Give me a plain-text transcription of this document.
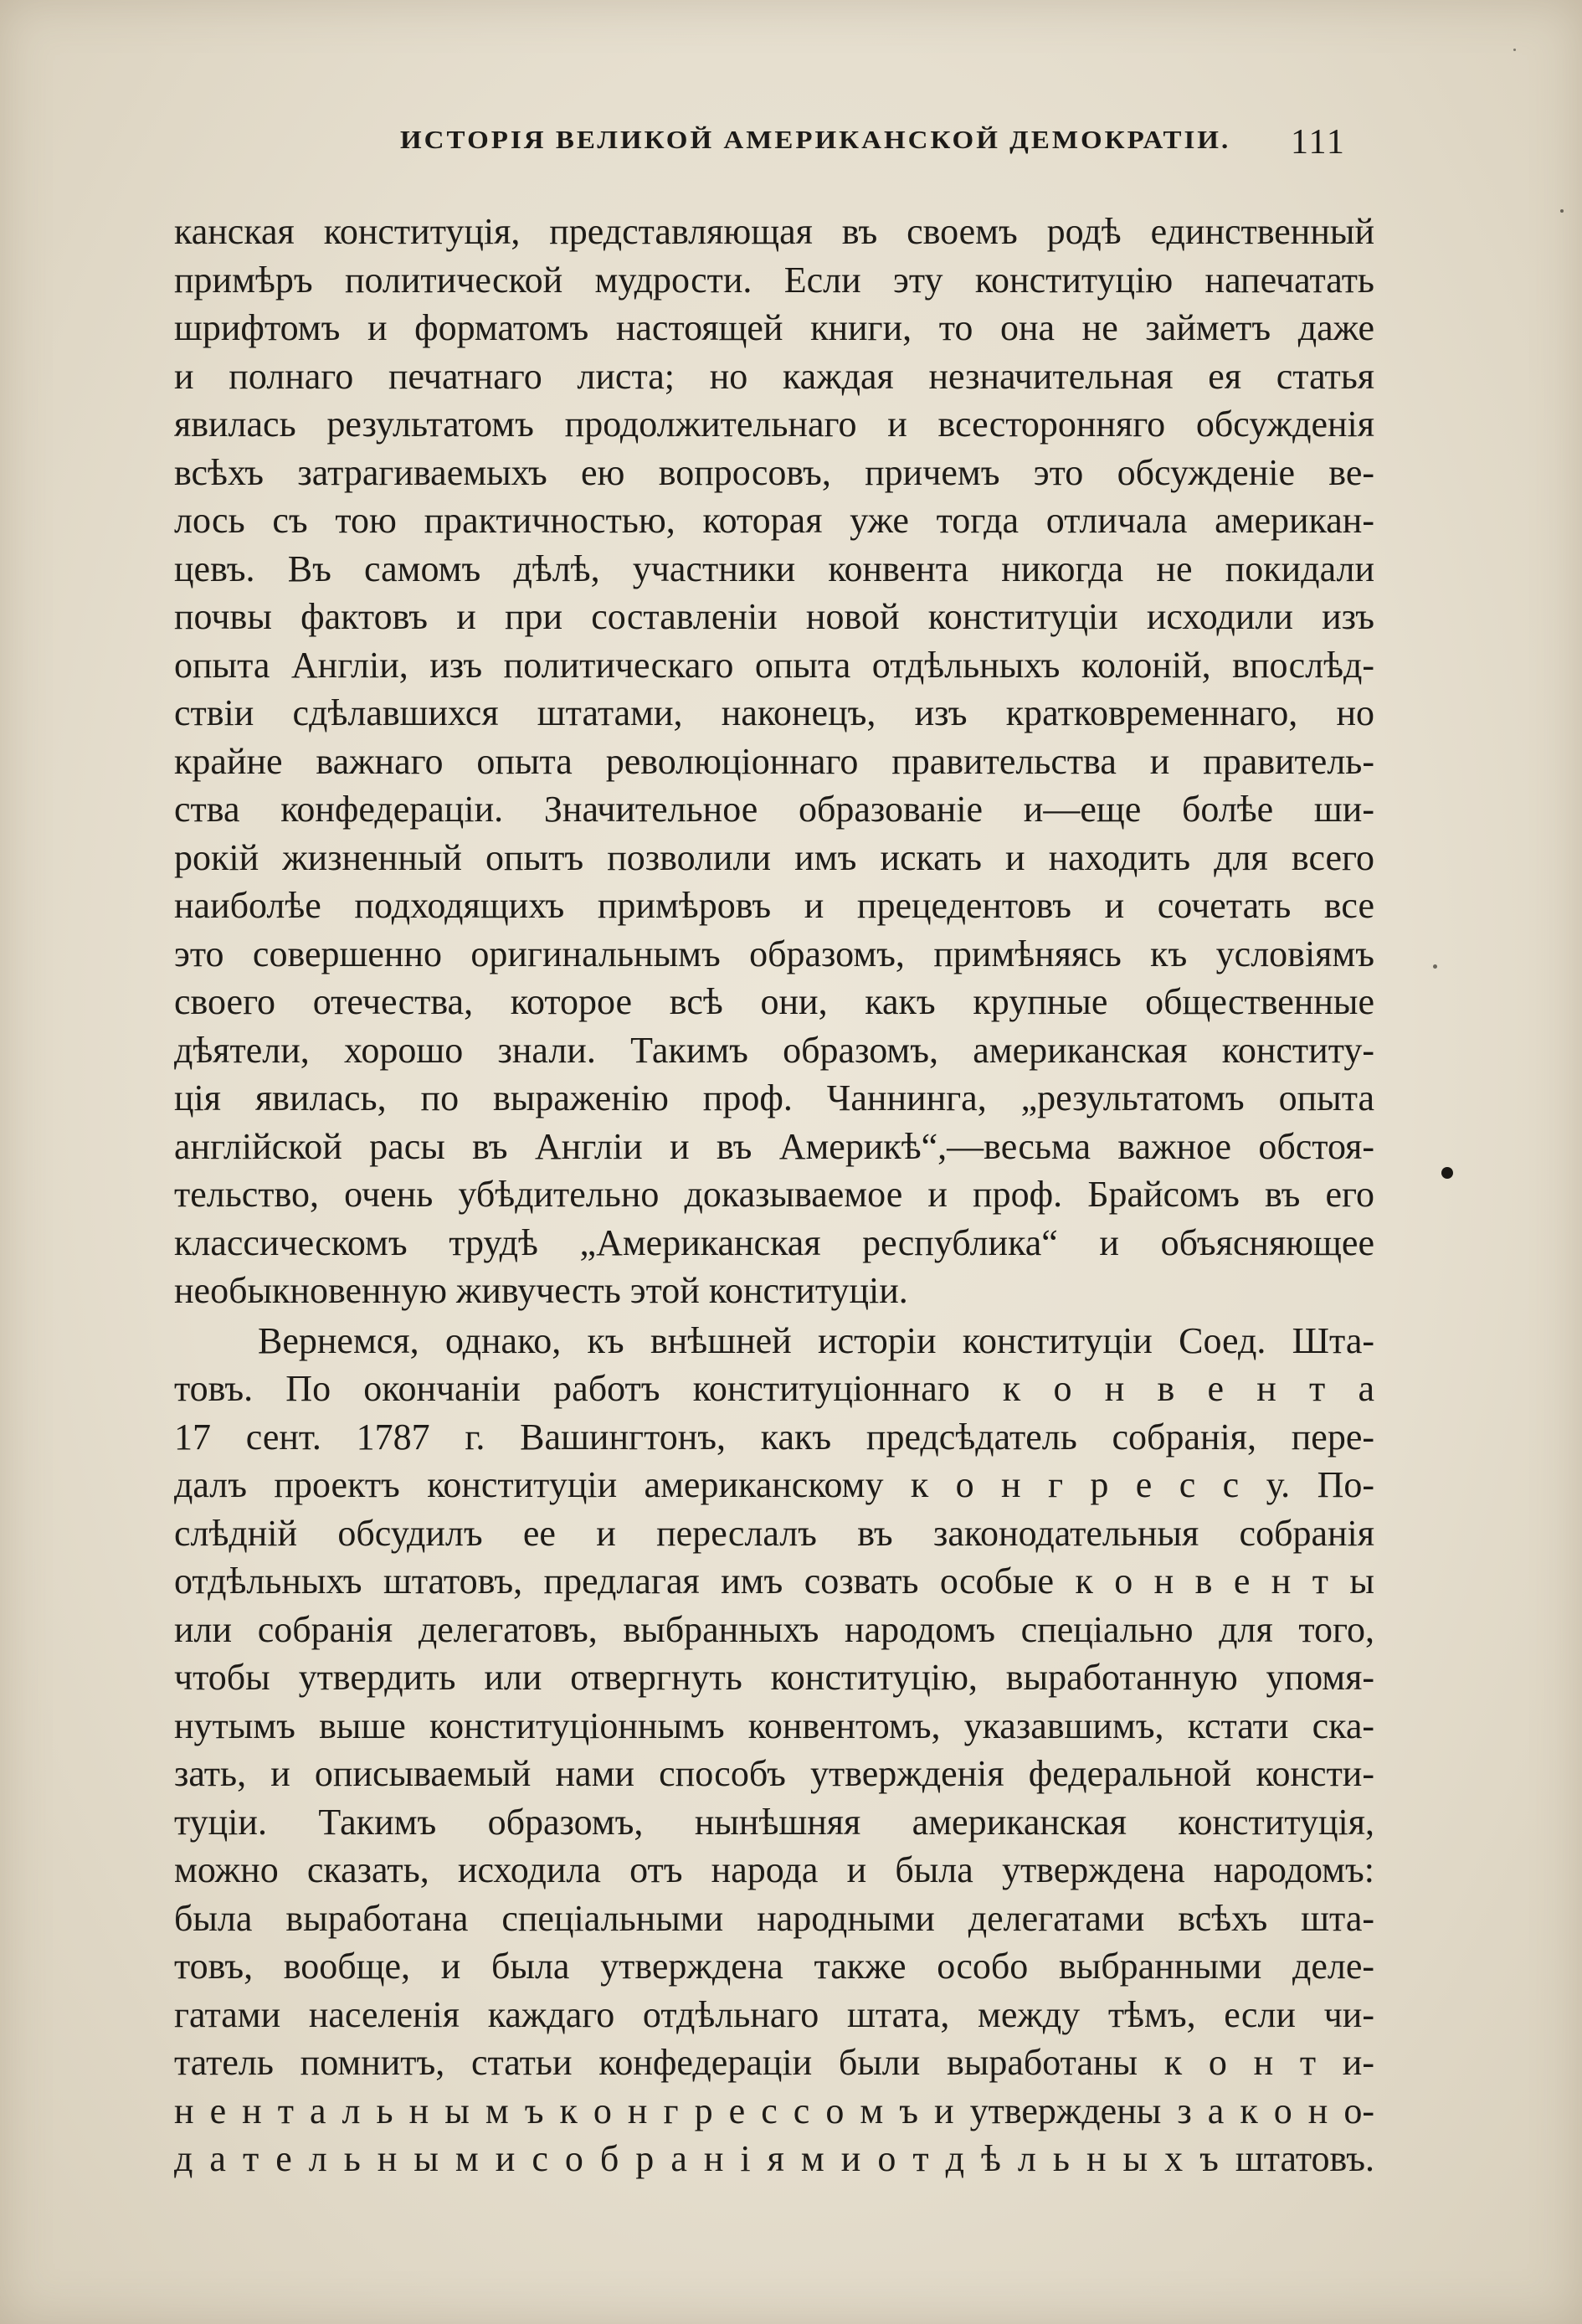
ИСТОРІЯ ВЕЛИКОЙ АМЕРИКАНСКОЙ ДЕМОКРАТІИ. 111
канская конституція, представляющая въ своемъ родѣ единственный
примѣръ политической мудрости. Если эту конституцію напечатать
шрифтомъ и форматомъ настоящей книги, то она не займетъ даже
и полнаго печатнаго листа; но каждая незначительная ея статья
явилась результатомъ продолжительнаго и всесторонняго обсужденія
всѣхъ затрагиваемыхъ ею вопросовъ, причемъ это обсужденіе ве-
лось съ тою практичностью, которая уже тогда отличала американ-
цевъ. Въ самомъ дѣлѣ, участники конвента никогда не покидали
почвы фактовъ и при составленіи новой конституціи исходили изъ
опыта Англіи, изъ политическаго опыта отдѣльныхъ колоній, впослѣд-
ствіи сдѣлавшихся штатами, наконецъ, изъ кратковременнаго, но
крайне важнаго опыта революціоннаго правительства и правитель-
ства конфедераціи. Значительное образованіе и—еще болѣе ши-
рокій жизненный опытъ позволили имъ искать и находить для всего
наиболѣе подходящихъ примѣровъ и прецедентовъ и сочетать все
это совершенно оригинальнымъ образомъ, примѣняясь къ условіямъ
своего отечества, которое всѣ они, какъ крупные общественные
дѣятели, хорошо знали. Такимъ образомъ, американская конститу-
ція явилась, по выраженію проф. Чаннинга, „результатомъ опыта
англійской расы въ Англіи и въ Америкѣ“,—весьма важное обстоя-
тельство, очень убѣдительно доказываемое и проф. Брайсомъ въ его
классическомъ трудѣ „Американская республика“ и объясняющее
необыкновенную живучесть этой конституціи.
Вернемся, однако, къ внѣшней исторіи конституціи Соед. Шта-
товъ. По окончаніи работъ конституціоннаго к о н в е н т а
17 сент. 1787 г. Вашингтонъ, какъ предсѣдатель собранія, пере-
далъ проектъ конституціи американскому к о н г р е с с у. По-
слѣдній обсудилъ ее и переслалъ въ законодательныя собранія
отдѣльныхъ штатовъ, предлагая имъ созвать особые к о н в е н т ы
или собранія делегатовъ, выбранныхъ народомъ спеціально для того,
чтобы утвердить или отвергнуть конституцію, выработанную упомя-
нутымъ выше конституціоннымъ конвентомъ, указавшимъ, кстати ска-
зать, и описываемый нами способъ утвержденія федеральной консти-
туціи. Такимъ образомъ, нынѣшняя американская конституція,
можно сказать, исходила отъ народа и была утверждена народомъ:
была выработана спеціальными народными делегатами всѣхъ шта-
товъ, вообще, и была утверждена также особо выбранными деле-
гатами населенія каждаго отдѣльнаго штата, между тѣмъ, если чи-
татель помнитъ, статьи конфедераціи были выработаны к о н т и-
н е н т а л ь н ы м ъ к о н г р е с с о м ъ и утверждены з а к о н о-
д а т е л ь н ы м и с о б р а н і я м и о т д ѣ л ь н ы х ъ штатовъ.
